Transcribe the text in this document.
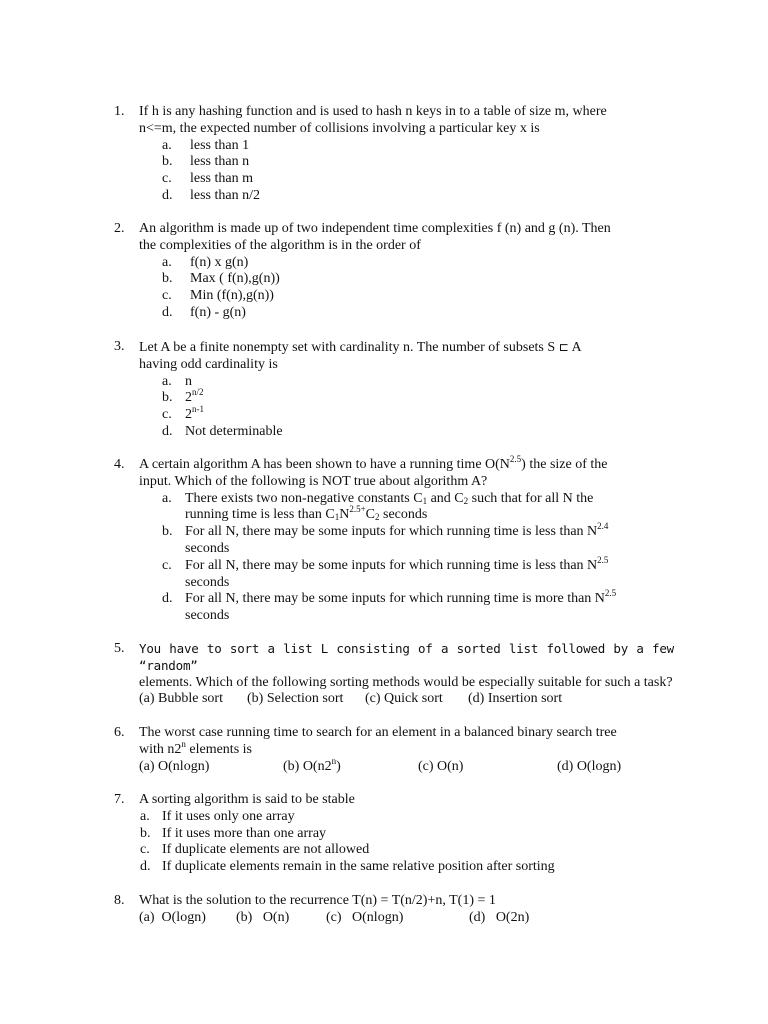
1.	If h is any hashing function and is used to hash n keys in to a table of size m, where
n<=m, the expected number of collisions involving a particular key x is
a. less than 1
b. less than n
c. less than m
d. less than n/2
2.	An algorithm is made up of two independent time complexities f (n) and g (n). Then
the complexities of the algorithm is in the order of
a. f(n) x g(n)
b. Max ( f(n),g(n))
c. Min (f(n),g(n))
d. f(n) - g(n)
3.	Let A be a finite nonempty set with cardinality n. The number of subsets S ⊏ A
having odd cardinality is
a. n
b. $2^{n/2}$
c. 2$^{n-1}$
d. Not determinable
4.	A certain algorithm A has been shown to have a running time $O(N^{2.5})$ the size of the
input. Which of the following is NOT true about algorithm A?
a. There exists two non-negative constants $C_1$ and $C_2$ such that for all N the
running time is less than $C_1N^{2.5+}C_2$ seconds
b. For all N, there may be some inputs for which running time is less than $N^{2.4}$
seconds
c. For all N, there may be some inputs for which running time is less than $N^{2.5}$
seconds
d. For all N, there may be some inputs for which running time is more than $N^{2.5}$
seconds
5.	You have to sort a list L consisting of a sorted list followed by a few “random”
elements. Which of the following sorting methods would be especially suitable for such a task?
(a) Bubble sort (b) Selection sort (c) Quick sort (d) Insertion sort
6.	The worst case running time to search for an element in a balanced binary search tree
with n2$^n$ elements is
(a) O(nlogn)	(b) O(n2$^n$)	(c) O(n)	(d) O(logn)
7.	A sorting algorithm is said to be stable
a. If it uses only one array
b. If it uses more than one array
c. If duplicate elements are not allowed
d. If duplicate elements remain in the same relative position after sorting
8.	What is the solution to the recurrence T(n) = T(n/2)+n, T(1) = 1
(a)  O(logn) (b)   O(n)	(c)   O(nlogn)	(d)   O(2n)
